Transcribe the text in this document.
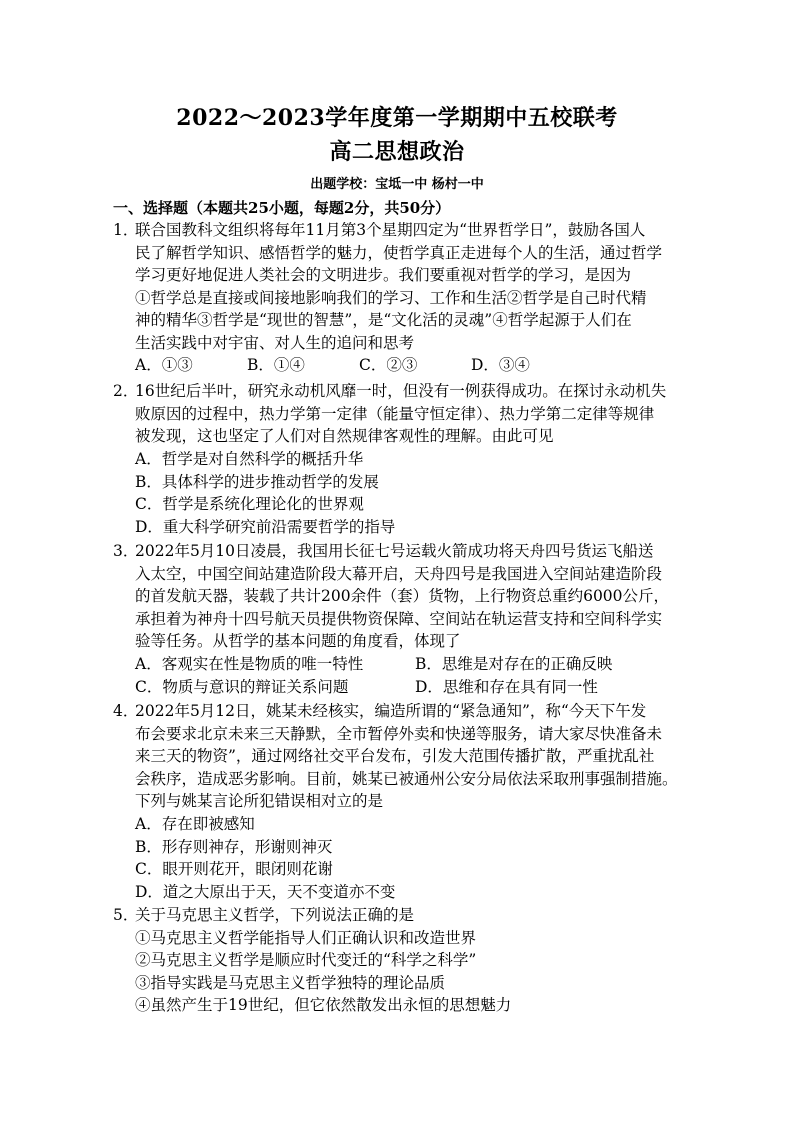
2022～2023学年度第一学期期中五校联考
高二思想政治
出题学校：宝坻一中 杨村一中
一、选择题（本题共25小题，每题2分，共50分）
1．
联合国教科文组织将每年11月第3个星期四定为“世界哲学日”，鼓励各国人
民了解哲学知识、感悟哲学的魅力，使哲学真正走进每个人的生活，通过哲学
学习更好地促进人类社会的文明进步。我们要重视对哲学的学习，是因为
①哲学总是直接或间接地影响我们的学习、工作和生活②哲学是自己时代精
神的精华③哲学是“现世的智慧”，是“文化活的灵魂”④哲学起源于人们在
生活实践中对宇宙、对人生的追问和思考
A．①③	B．①④	C．②③	D．③④
2．
16世纪后半叶，研究永动机风靡一时，但没有一例获得成功。在探讨永动机失
败原因的过程中，热力学第一定律（能量守恒定律）、热力学第二定律等规律
被发现，这也坚定了人们对自然规律客观性的理解。由此可见
A．哲学是对自然科学的概括升华
B．具体科学的进步推动哲学的发展
C．哲学是系统化理论化的世界观
D．重大科学研究前沿需要哲学的指导
3．
2022年5月10日凌晨，我国用长征七号运载火箭成功将天舟四号货运飞船送
入太空，中国空间站建造阶段大幕开启，天舟四号是我国进入空间站建造阶段
的首发航天器，装载了共计200余件（套）货物，上行物资总重约6000公斤，
承担着为神舟十四号航天员提供物资保障、空间站在轨运营支持和空间科学实
验等任务。从哲学的基本问题的角度看，体现了
A．客观实在性是物质的唯一特性	B．思维是对存在的正确反映
C．物质与意识的辩证关系问题	D．思维和存在具有同一性
4．
2022年5月12日，姚某未经核实，编造所谓的“紧急通知”，称“今天下午发
布会要求北京未来三天静默，全市暂停外卖和快递等服务，请大家尽快准备未
来三天的物资”，通过网络社交平台发布，引发大范围传播扩散，严重扰乱社
会秩序，造成恶劣影响。目前，姚某已被通州公安分局依法采取刑事强制措施。
下列与姚某言论所犯错误相对立的是
A．存在即被感知
B．形存则神存，形谢则神灭
C．眼开则花开，眼闭则花谢
D．道之大原出于天，天不变道亦不变
5．
关于马克思主义哲学，下列说法正确的是
①马克思主义哲学能指导人们正确认识和改造世界
②马克思主义哲学是顺应时代变迁的“科学之科学”
③指导实践是马克思主义哲学独特的理论品质
④虽然产生于19世纪，但它依然散发出永恒的思想魅力
